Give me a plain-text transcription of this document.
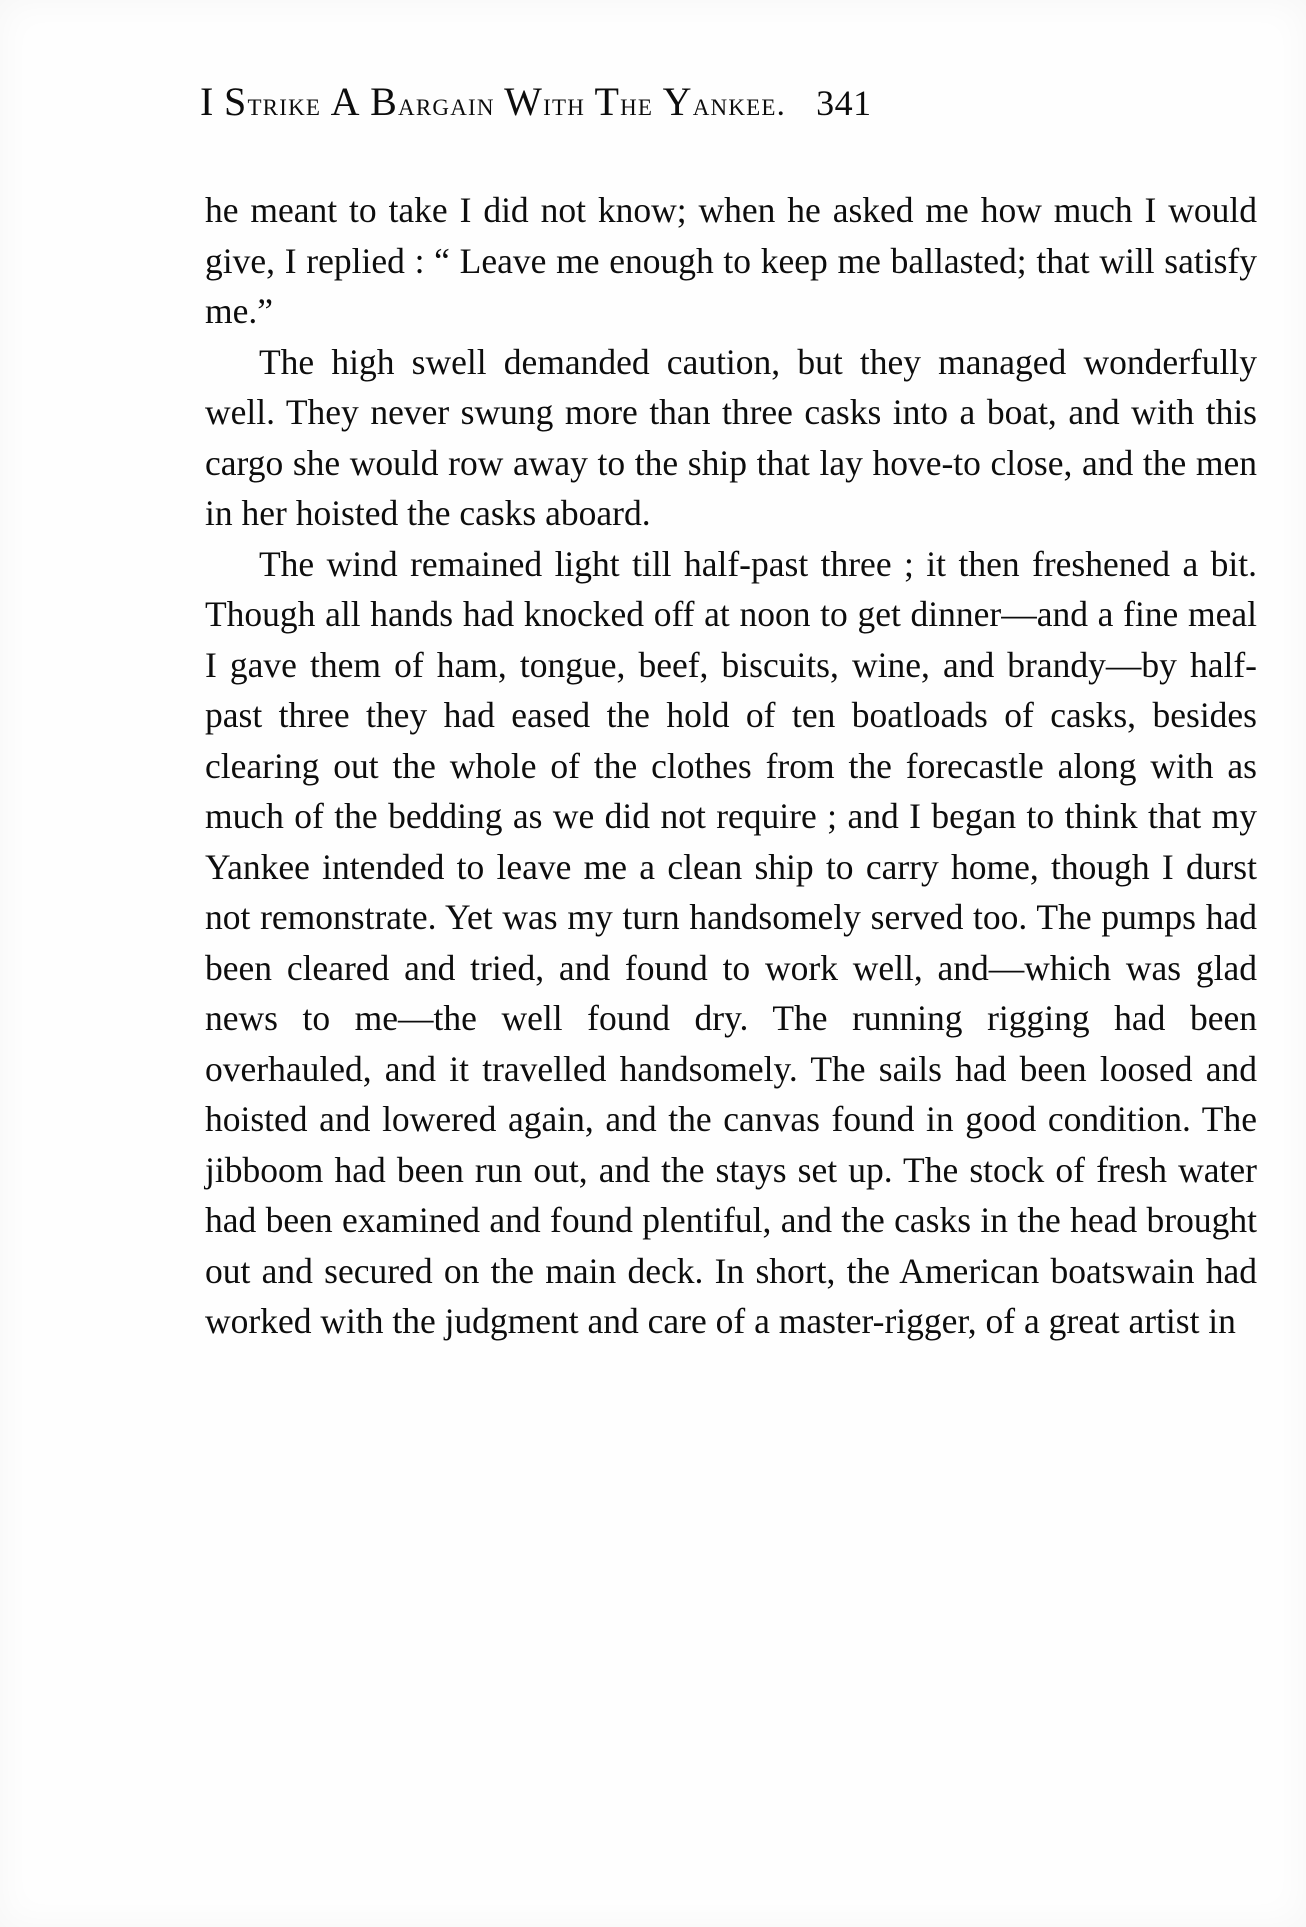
I Strike A Bargain With The Yankee. 341

he meant to take I did not know; when he asked me how much I would give, I replied : “ Leave me enough to keep me ballasted; that will satisfy me.”

The high swell demanded caution, but they managed wonderfully well. They never swung more than three casks into a boat, and with this cargo she would row away to the ship that lay hove-to close, and the men in her hoisted the casks aboard.

The wind remained light till half-past three ; it then freshened a bit. Though all hands had knocked off at noon to get dinner—and a fine meal I gave them of ham, tongue, beef, biscuits, wine, and brandy—by half-past three they had eased the hold of ten boatloads of casks, besides clearing out the whole of the clothes from the forecastle along with as much of the bedding as we did not require ; and I began to think that my Yankee intended to leave me a clean ship to carry home, though I durst not remonstrate. Yet was my turn handsomely served too. The pumps had been cleared and tried, and found to work well, and—which was glad news to me—the well found dry. The running rigging had been overhauled, and it travelled handsomely. The sails had been loosed and hoisted and lowered again, and the canvas found in good condition. The jibboom had been run out, and the stays set up. The stock of fresh water had been examined and found plentiful, and the casks in the head brought out and secured on the main deck. In short, the American boatswain had worked with the judgment and care of a master-rigger, of a great artist in
